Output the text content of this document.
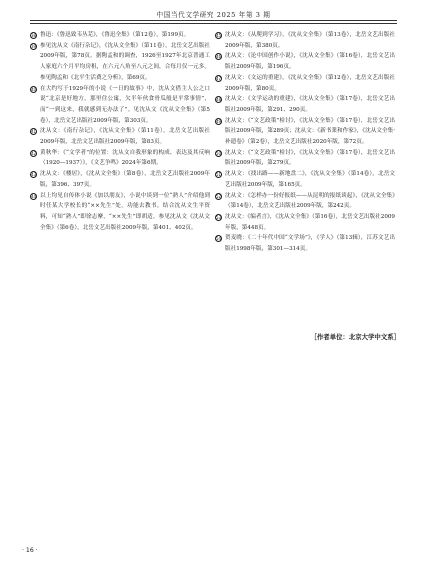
中国当代文学研究 2025 年第 3 期
38 鲁迅：《鲁迅致韦丛芜》，《鲁迅全集》（第12卷），第199页。
39 参见沈从文《南行杂记》，《沈从文全集》（第11卷），北岳文艺出版社2009年版，第78页。据陶孟和的调查，1926至1927年北京普通工人家庭六个月平均房租，在六元八角至八元之间，合每月仅一元多。参见陶孟和《北平生活费之分析》，第69页。
40 在大约写于1929年的小说《一日的故事》中，沈从文借主人公之口说“北京是好地方，那里住公寓，欠半年伙食骨瓜般是平常事情”，而“一到这来，我就感到无办法了”。见沈从文《沈从文全集》（第5卷），北岳文艺出版社2009年版，第303页。
41 沈从文：《南行杂记》，《沈从文全集》（第11卷），北岳文艺出版社2009年版，北岳文艺出版社2009年版，第83页。
42 黄秋华：《“文学者”的位置：沈从文自我形象的构成、表达及其反响（1920—1937）》，《文艺争鸣》2024年第6期。
43 沈从文：《楼居》，《沈从文全集》（第8卷），北岳文艺出版社2009年版，第396、397页。
44 以上均见自传体小说《加以朋友》，小说中谈到一位“熟人”介绍他到时任某大学校长的“××先生”处，功能去教书。结合沈从文生平资料，可知“熟人”即徐志摩，“××先生”即胡适。参见沈从文《沈从文全集》（第6卷），北岳文艺出版社2009年版，第401、402页。
45 沈从文：《从爬到学习》，《沈从文全集》（第13卷），北岳文艺出版社2009年版，第380页。
46 沈从文：《论中国创作小说》，《沈从文全集》（第16卷），北岳文艺出版社2009年版，第196页。
47 沈从文：《文运的重建》，《沈从文全集》（第12卷），北岳文艺出版社2009年版，第80页。
48 沈从文：《文学运动的重建》，《沈从文全集》（第17卷），北岳文艺出版社2009年版，第291、290页。
49 沈从文：《“文艺政策”检讨》，《沈从文全集》（第17卷），北岳文艺出版社2009年版，第289页；沈从文：《新书業和作家》，《沈从文全集·补遗卷》（第2卷），北岳文艺出版社2020年版，第72页。
50 沈从文：《“文艺政策”检讨》，《沈从文全集》（第17卷），北岳文艺出版社2009年版，第279页。
51 沈从文：《找出路——新地盘二》，《沈从文全集》（第14卷），北岳文艺出版社2009年版，第165页。
52 沈从文：《怎样办一份好报纸——从昆明的报纸谈起》，《沈从文全集》（第14卷），北岳文艺出版社2009年版，第242页。
53 沈从文：《编者言》，《沈从文全集》（第16卷），北岳文艺出版社2009年版，第448页。
54 贺麦晓：《二十年代中国“文学场”》，《学人》（第13辑），江苏文艺出版社1998年版，第301—314页。
［作者单位：北京大学中文系］
· 16 ·
